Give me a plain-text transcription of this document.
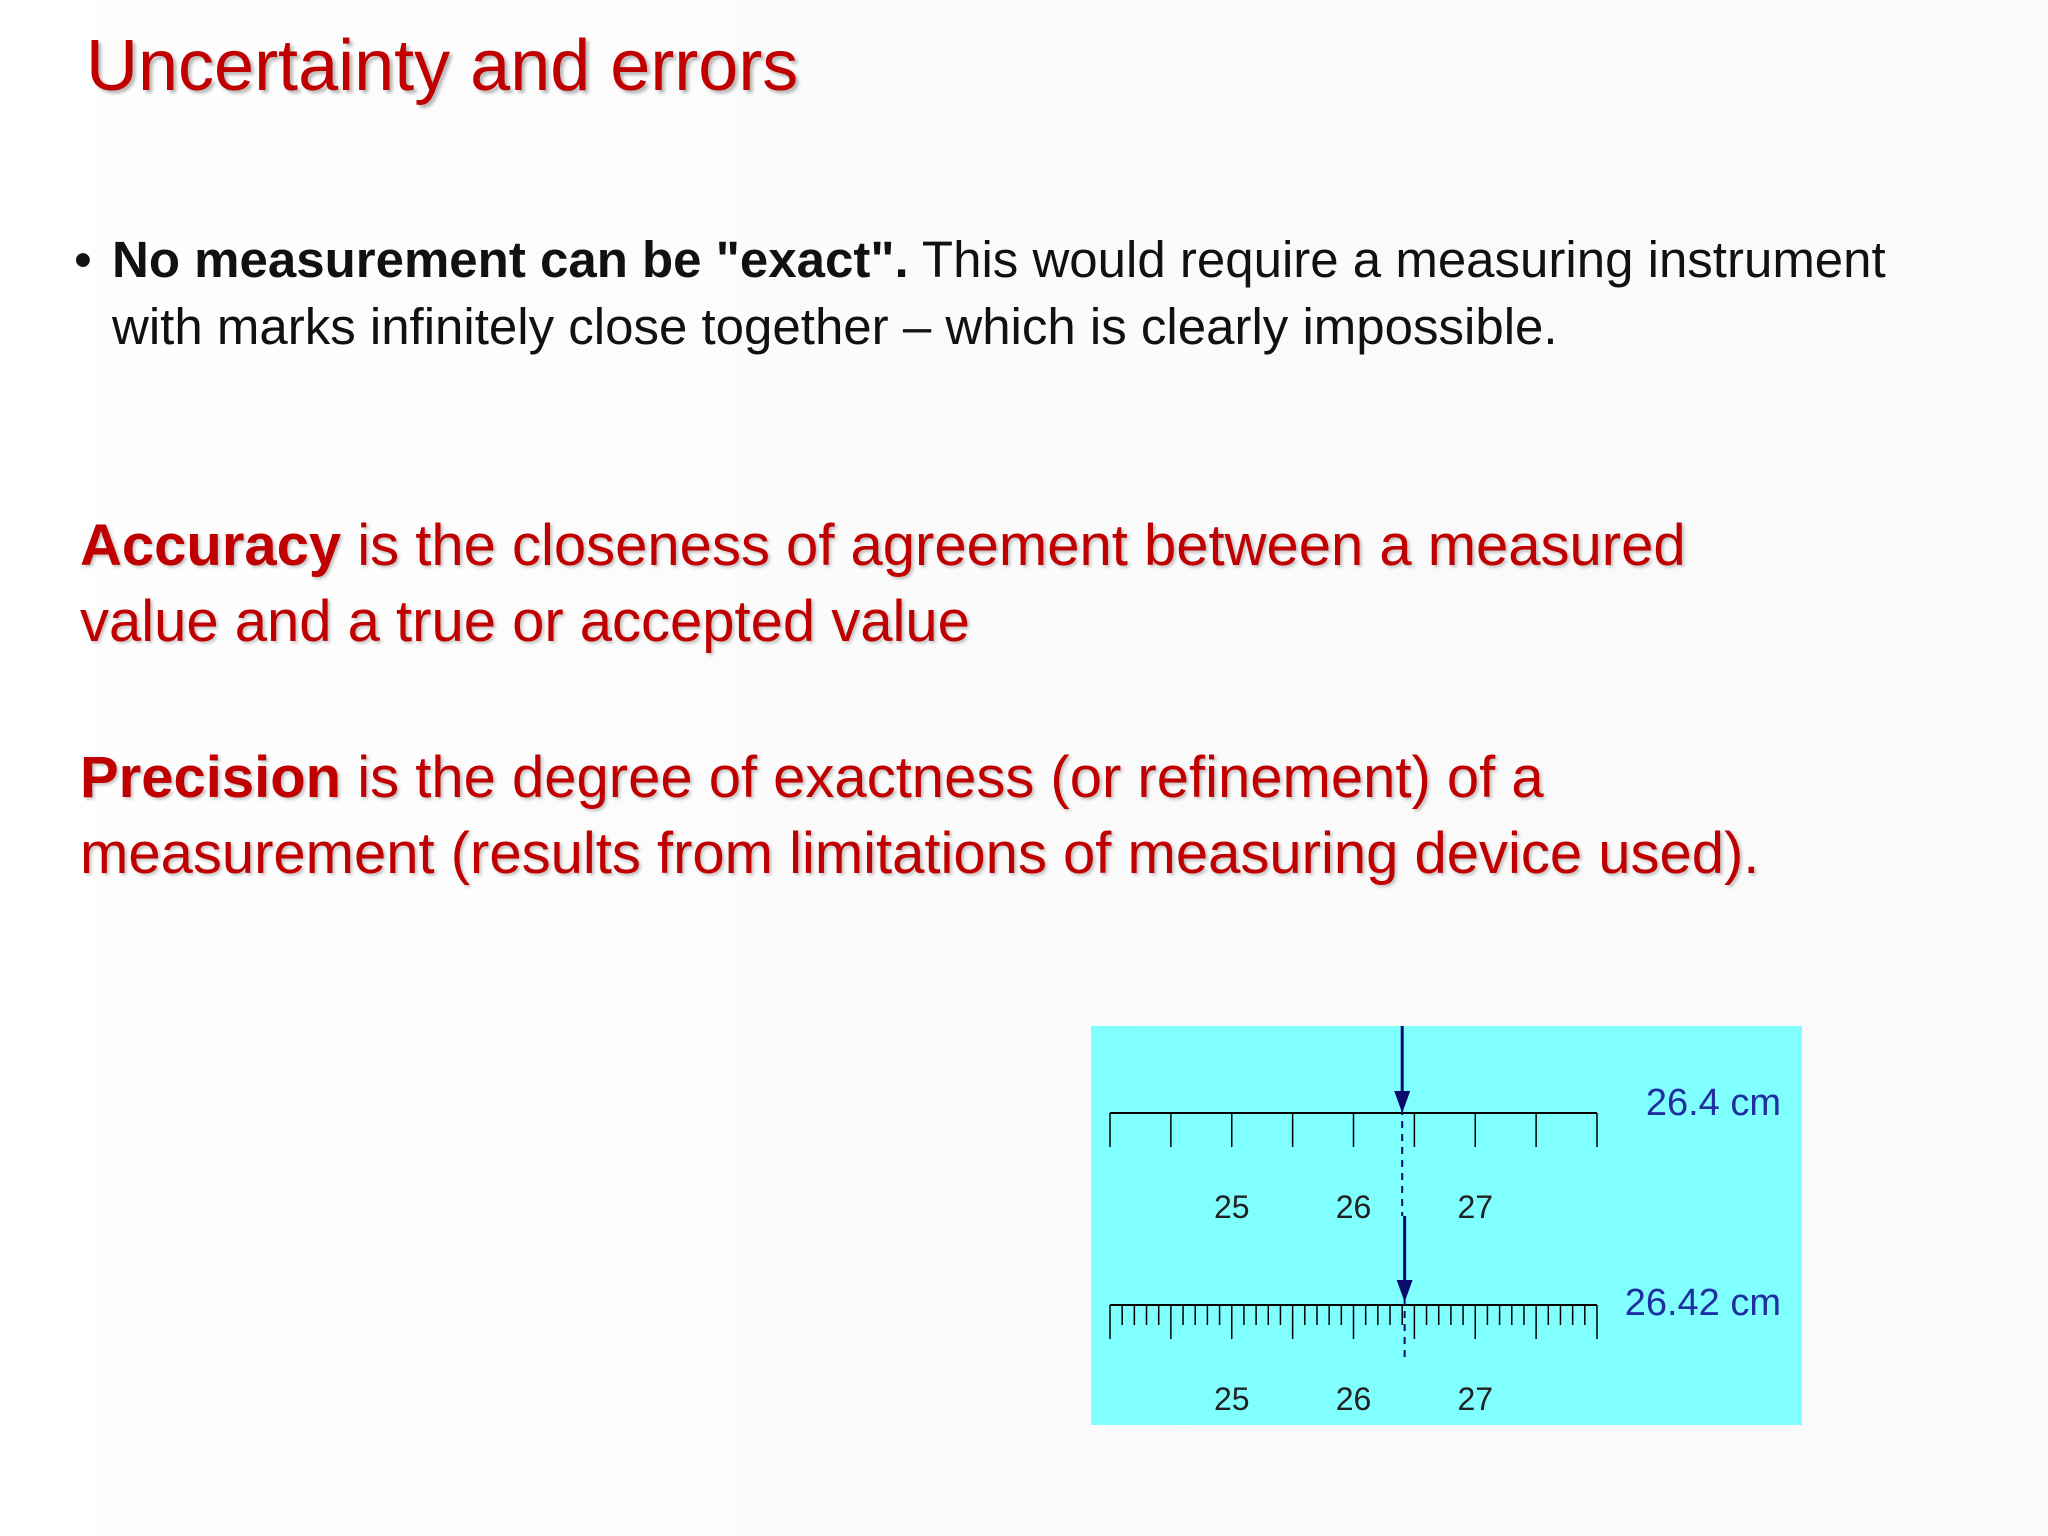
Uncertainty and errors
• No measurement can be "exact". This would require a measuring instrument
with marks infinitely close together – which is clearly impossible.
Accuracy is the closeness of agreement between a measured
value and a true or accepted value
Precision is the degree of exactness (or refinement) of a
measurement (results from limitations of measuring device used).
25	26	27
26.4 cm
25	26	27
26.42 cm
